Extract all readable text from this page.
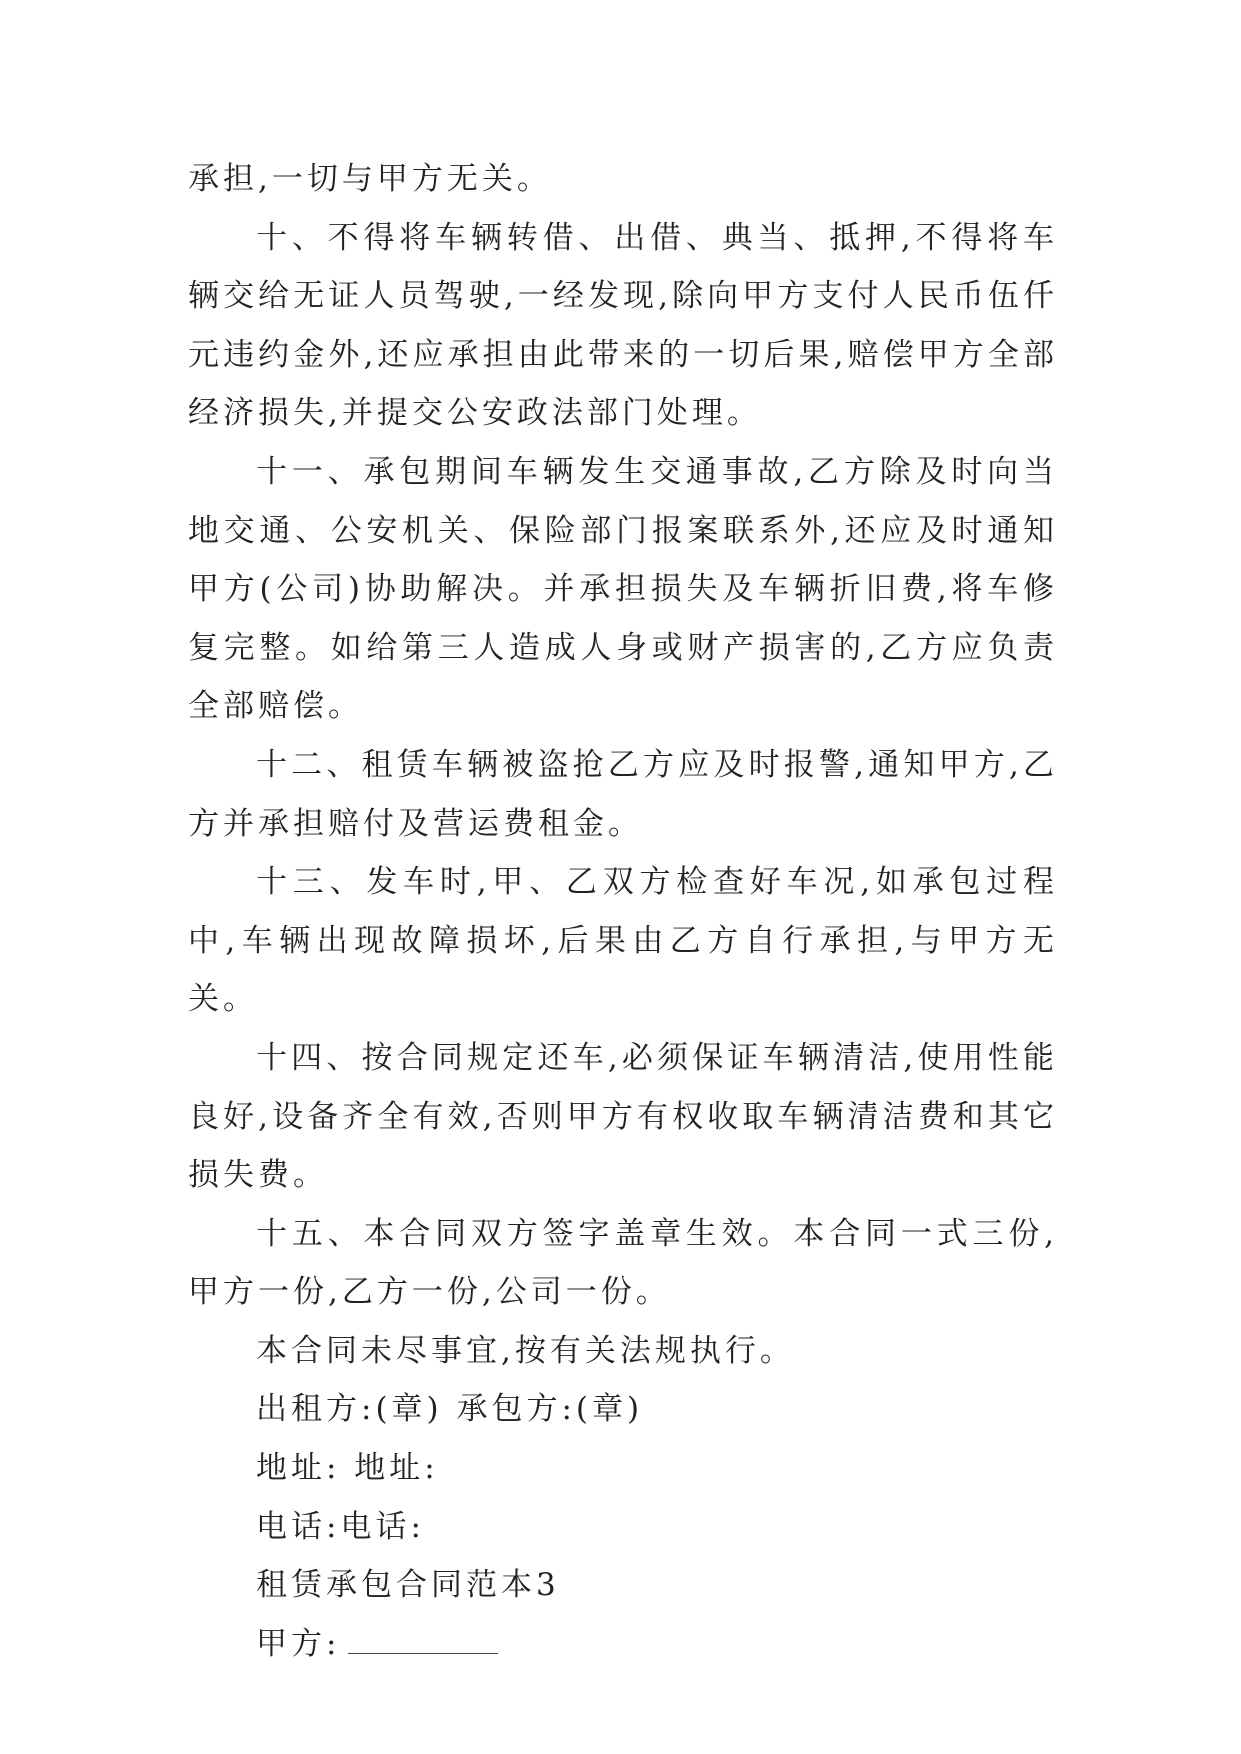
承担,一切与甲方无关。

十、不得将车辆转借、出借、典当、抵押,不得将车辆交给无证人员驾驶,一经发现,除向甲方支付人民币伍仟元违约金外,还应承担由此带来的一切后果,赔偿甲方全部经济损失,并提交公安政法部门处理。

十一、承包期间车辆发生交通事故,乙方除及时向当地交通、公安机关、保险部门报案联系外,还应及时通知甲方(公司)协助解决。并承担损失及车辆折旧费,将车修复完整。如给第三人造成人身或财产损害的,乙方应负责全部赔偿。

十二、租赁车辆被盗抢乙方应及时报警,通知甲方,乙方并承担赔付及营运费租金。

十三、发车时,甲、乙双方检查好车况,如承包过程中,车辆出现故障损坏,后果由乙方自行承担,与甲方无关。

十四、按合同规定还车,必须保证车辆清洁,使用性能良好,设备齐全有效,否则甲方有权收取车辆清洁费和其它损失费。

十五、本合同双方签字盖章生效。本合同一式三份,甲方一份,乙方一份,公司一份。

本合同未尽事宜,按有关法规执行。

出租方:(章) 承包方:(章)

地址: 地址:

电话:电话:

租赁承包合同范本3

甲方:
